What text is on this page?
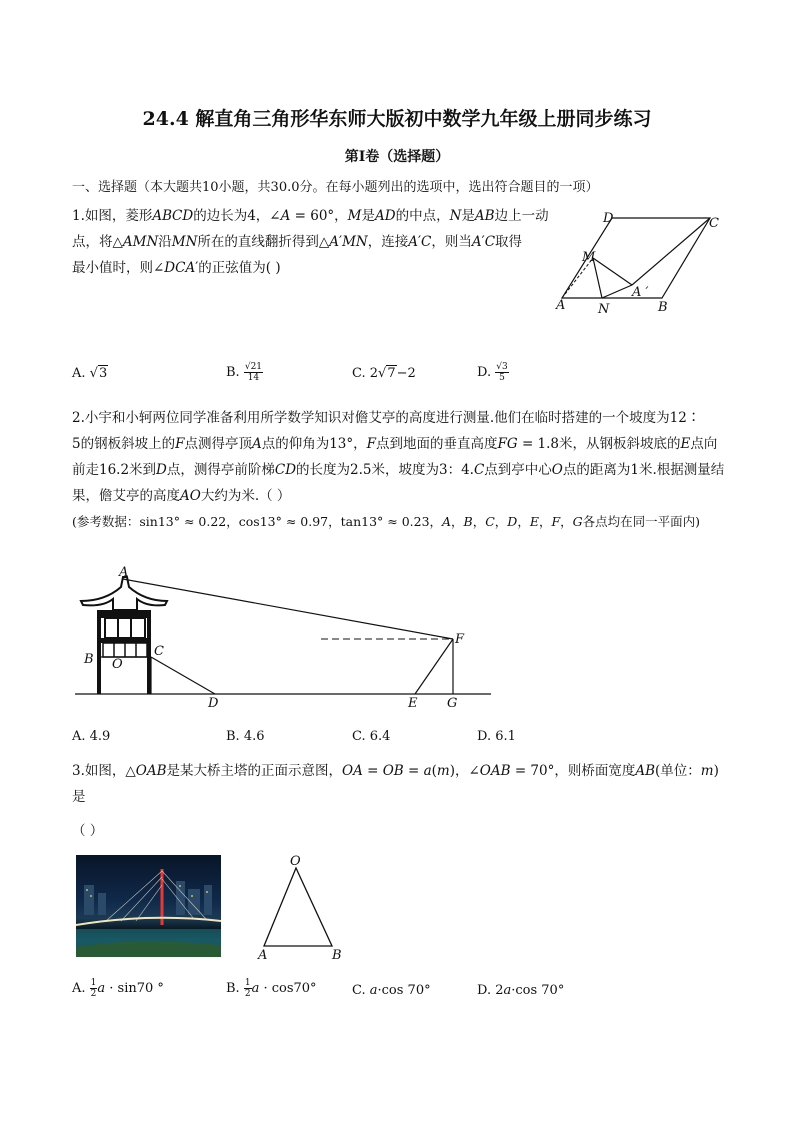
24.4 解直角三角形华东师大版初中数学九年级上册同步练习
第Ⅰ卷（选择题）
一、选择题（本大题共10小题，共30.0分。在每小题列出的选项中，选出符合题目的一项）
1.如图，菱形𝐴𝐵𝐶𝐷的边长为4，∠𝐴 = 60°，𝑀是𝐴𝐷的中点，𝑁是𝐴𝐵边上一动
点，将△𝐴𝑀𝑁沿𝑀𝑁所在的直线翻折得到△𝐴′𝑀𝑁，连接𝐴′𝐶，则当𝐴′𝐶取得
最小值时，则∠𝐷𝐶𝐴′的正弦值为( )
D	C
M
A	N
A ′
B
A. √3	B. $\frac{√21}{14}$	C. 2√7−2	D. $\frac{√3}{5}$
2.小宇和小轲两位同学准备利用所学数学知识对儋艾亭的高度进行测量.他们在临时搭建的一个坡度为12∶
5的钢板斜坡上的𝐹点测得亭顶𝐴点的仰角为13°，𝐹点到地面的垂直高度𝐹𝐺 = 1.8米，从钢板斜坡底的𝐸点向
前走16.2米到𝐷点，测得亭前阶梯𝐶𝐷的长度为2.5米，坡度为3：4.𝐶点到亭中心𝑂点的距离为1米.根据测量结
果，儋艾亭的高度𝐴𝑂大约为米.（ ）
(参考数据：sin13° ≈ 0.22，cos13° ≈ 0.97，tan13° ≈ 0.23，𝐴，𝐵，𝐶，𝐷，𝐸，𝐹，𝐺各点均在同一平面内)
A
F
B O
C
D	E G
A. 4.9	B. 4.6	C. 6.4	D. 6.1
3.如图，△𝑂𝐴𝐵是某大桥主塔的正面示意图，𝑂𝐴 = 𝑂𝐵 = 𝑎(𝑚)，∠𝑂𝐴𝐵 = 70°，则桥面宽度𝐴𝐵(单位：𝑚)是
（ ）
O
A	B
A. $\frac{1}{2}$ 𝑎 · sin70 °	B. $\frac{1}{2}$ 𝑎 · cos70°	C. 𝑎·cos 70°	D. 2𝑎·cos 70°
